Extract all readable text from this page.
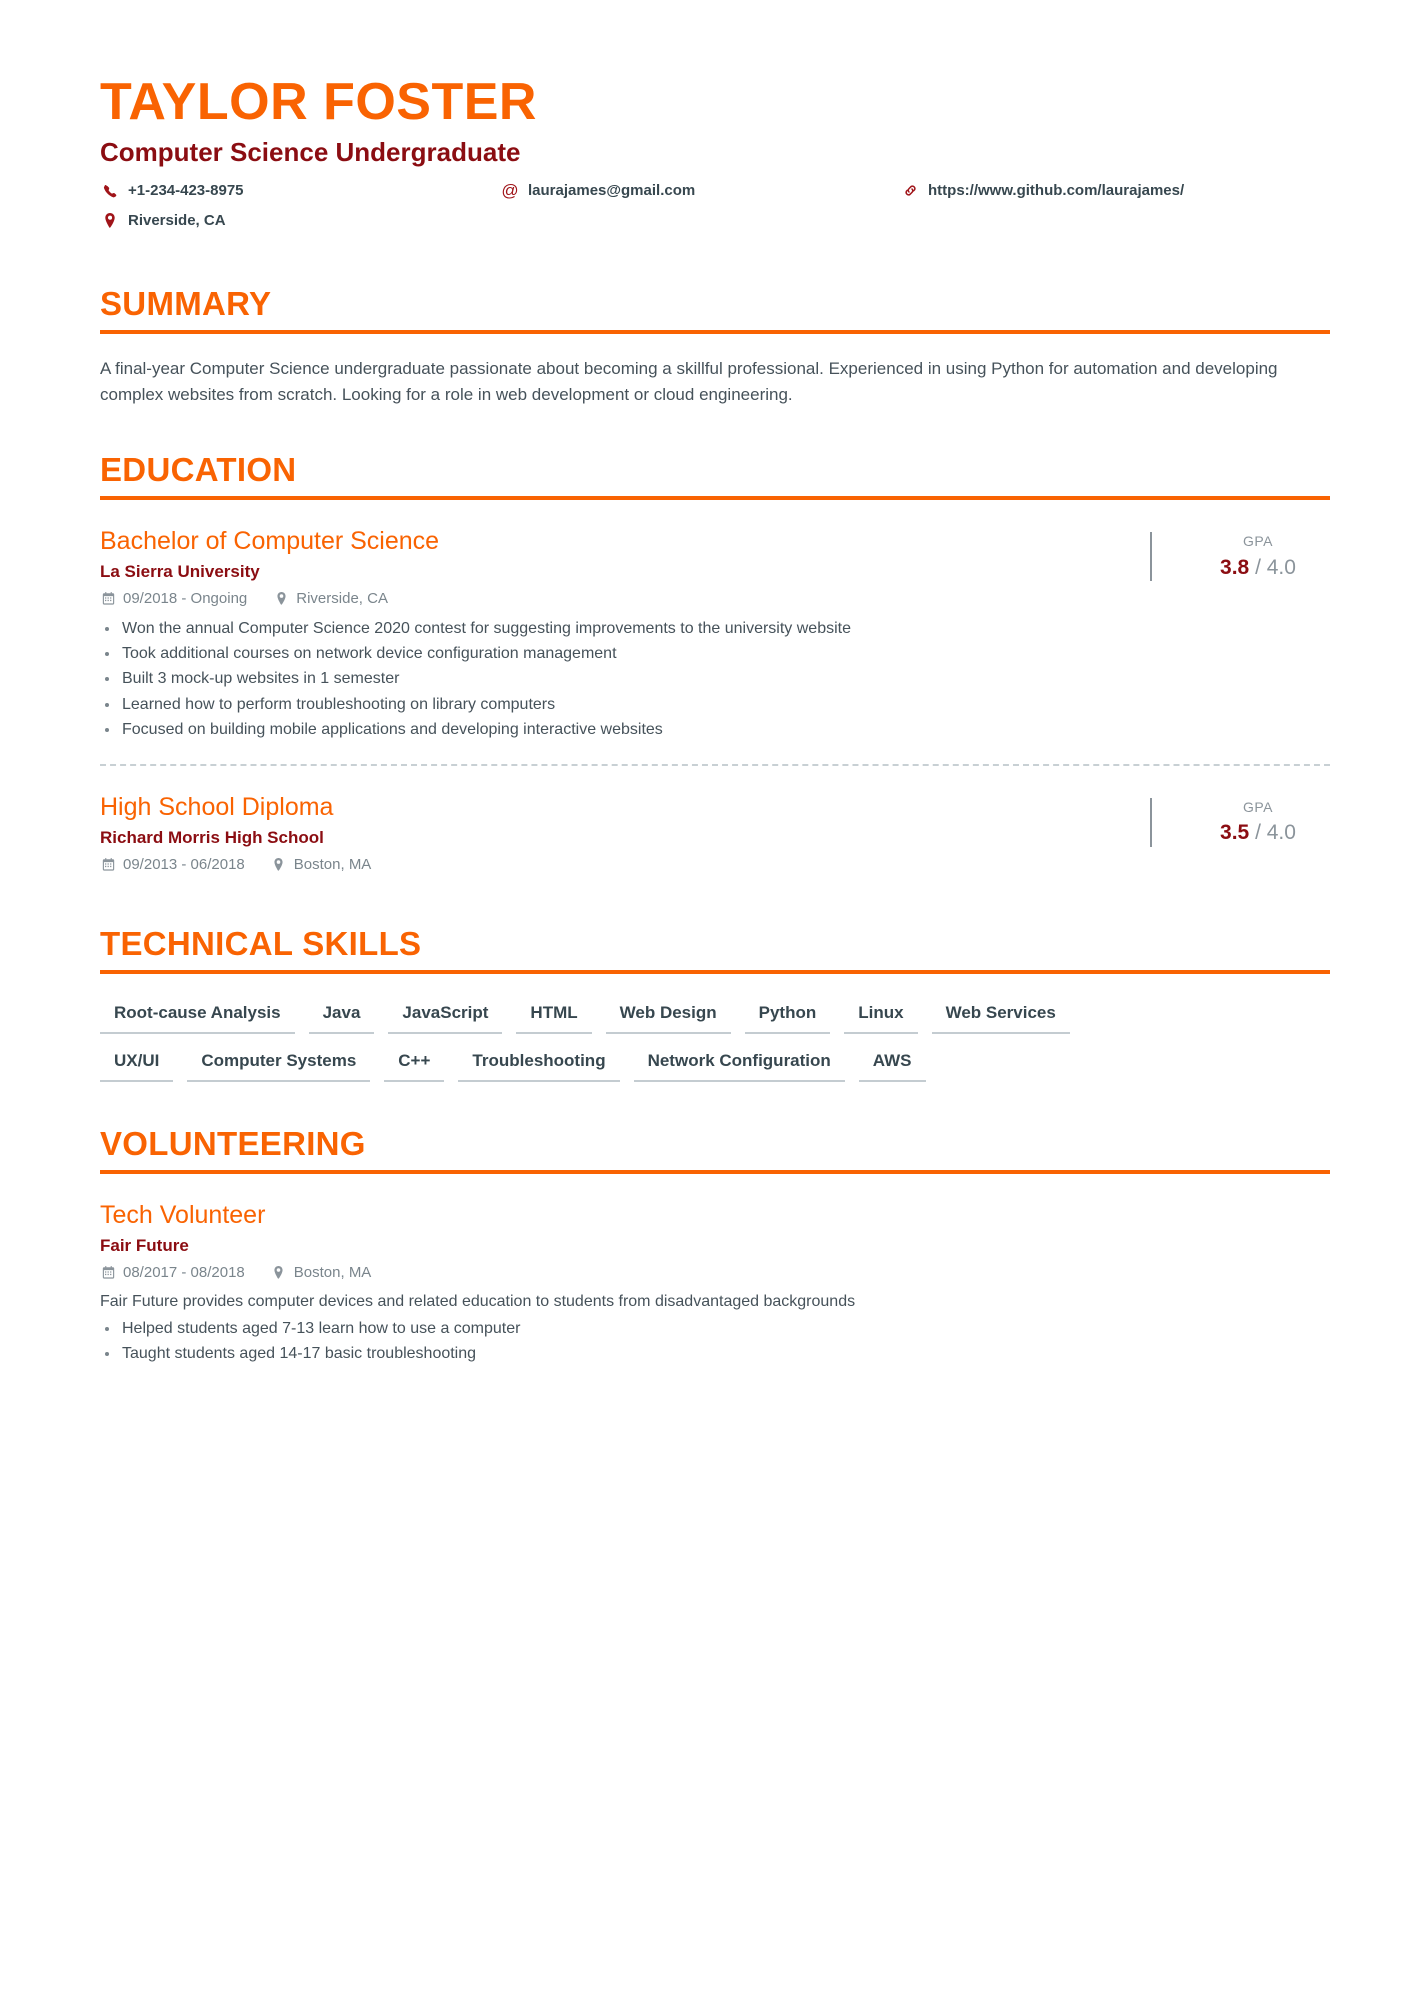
TAYLOR FOSTER
Computer Science Undergraduate
+1-234-423-8975	@ laurajames@gmail.com	https://www.github.com/laurajames/
Riverside, CA
SUMMARY

A final-year Computer Science undergraduate passionate about becoming a skillful professional. Experienced in using Python for automation and developing complex websites from scratch. Looking for a role in web development or cloud engineering.

EDUCATION
Bachelor of Computer Science
La Sierra University
09/2018 - Ongoing	Riverside, CA
Won the annual Computer Science 2020 contest for suggesting improvements to the university website
Took additional courses on network device configuration management
Built 3 mock-up websites in 1 semester
Learned how to perform troubleshooting on library computers
Focused on building mobile applications and developing interactive websites
GPA
3.8 / 4.0
High School Diploma
Richard Morris High School
09/2013 - 06/2018	Boston, MA
GPA
3.5 / 4.0
TECHNICAL SKILLS
Root-cause Analysis	Java	JavaScript	HTML	Web Design	Python	Linux	Web Services
UX/UI	Computer Systems	C++	Troubleshooting	Network Configuration	AWS
VOLUNTEERING
Tech Volunteer
Fair Future
08/2017 - 08/2018	Boston, MA
Fair Future provides computer devices and related education to students from disadvantaged backgrounds
Helped students aged 7-13 learn how to use a computer
Taught students aged 14-17 basic troubleshooting
